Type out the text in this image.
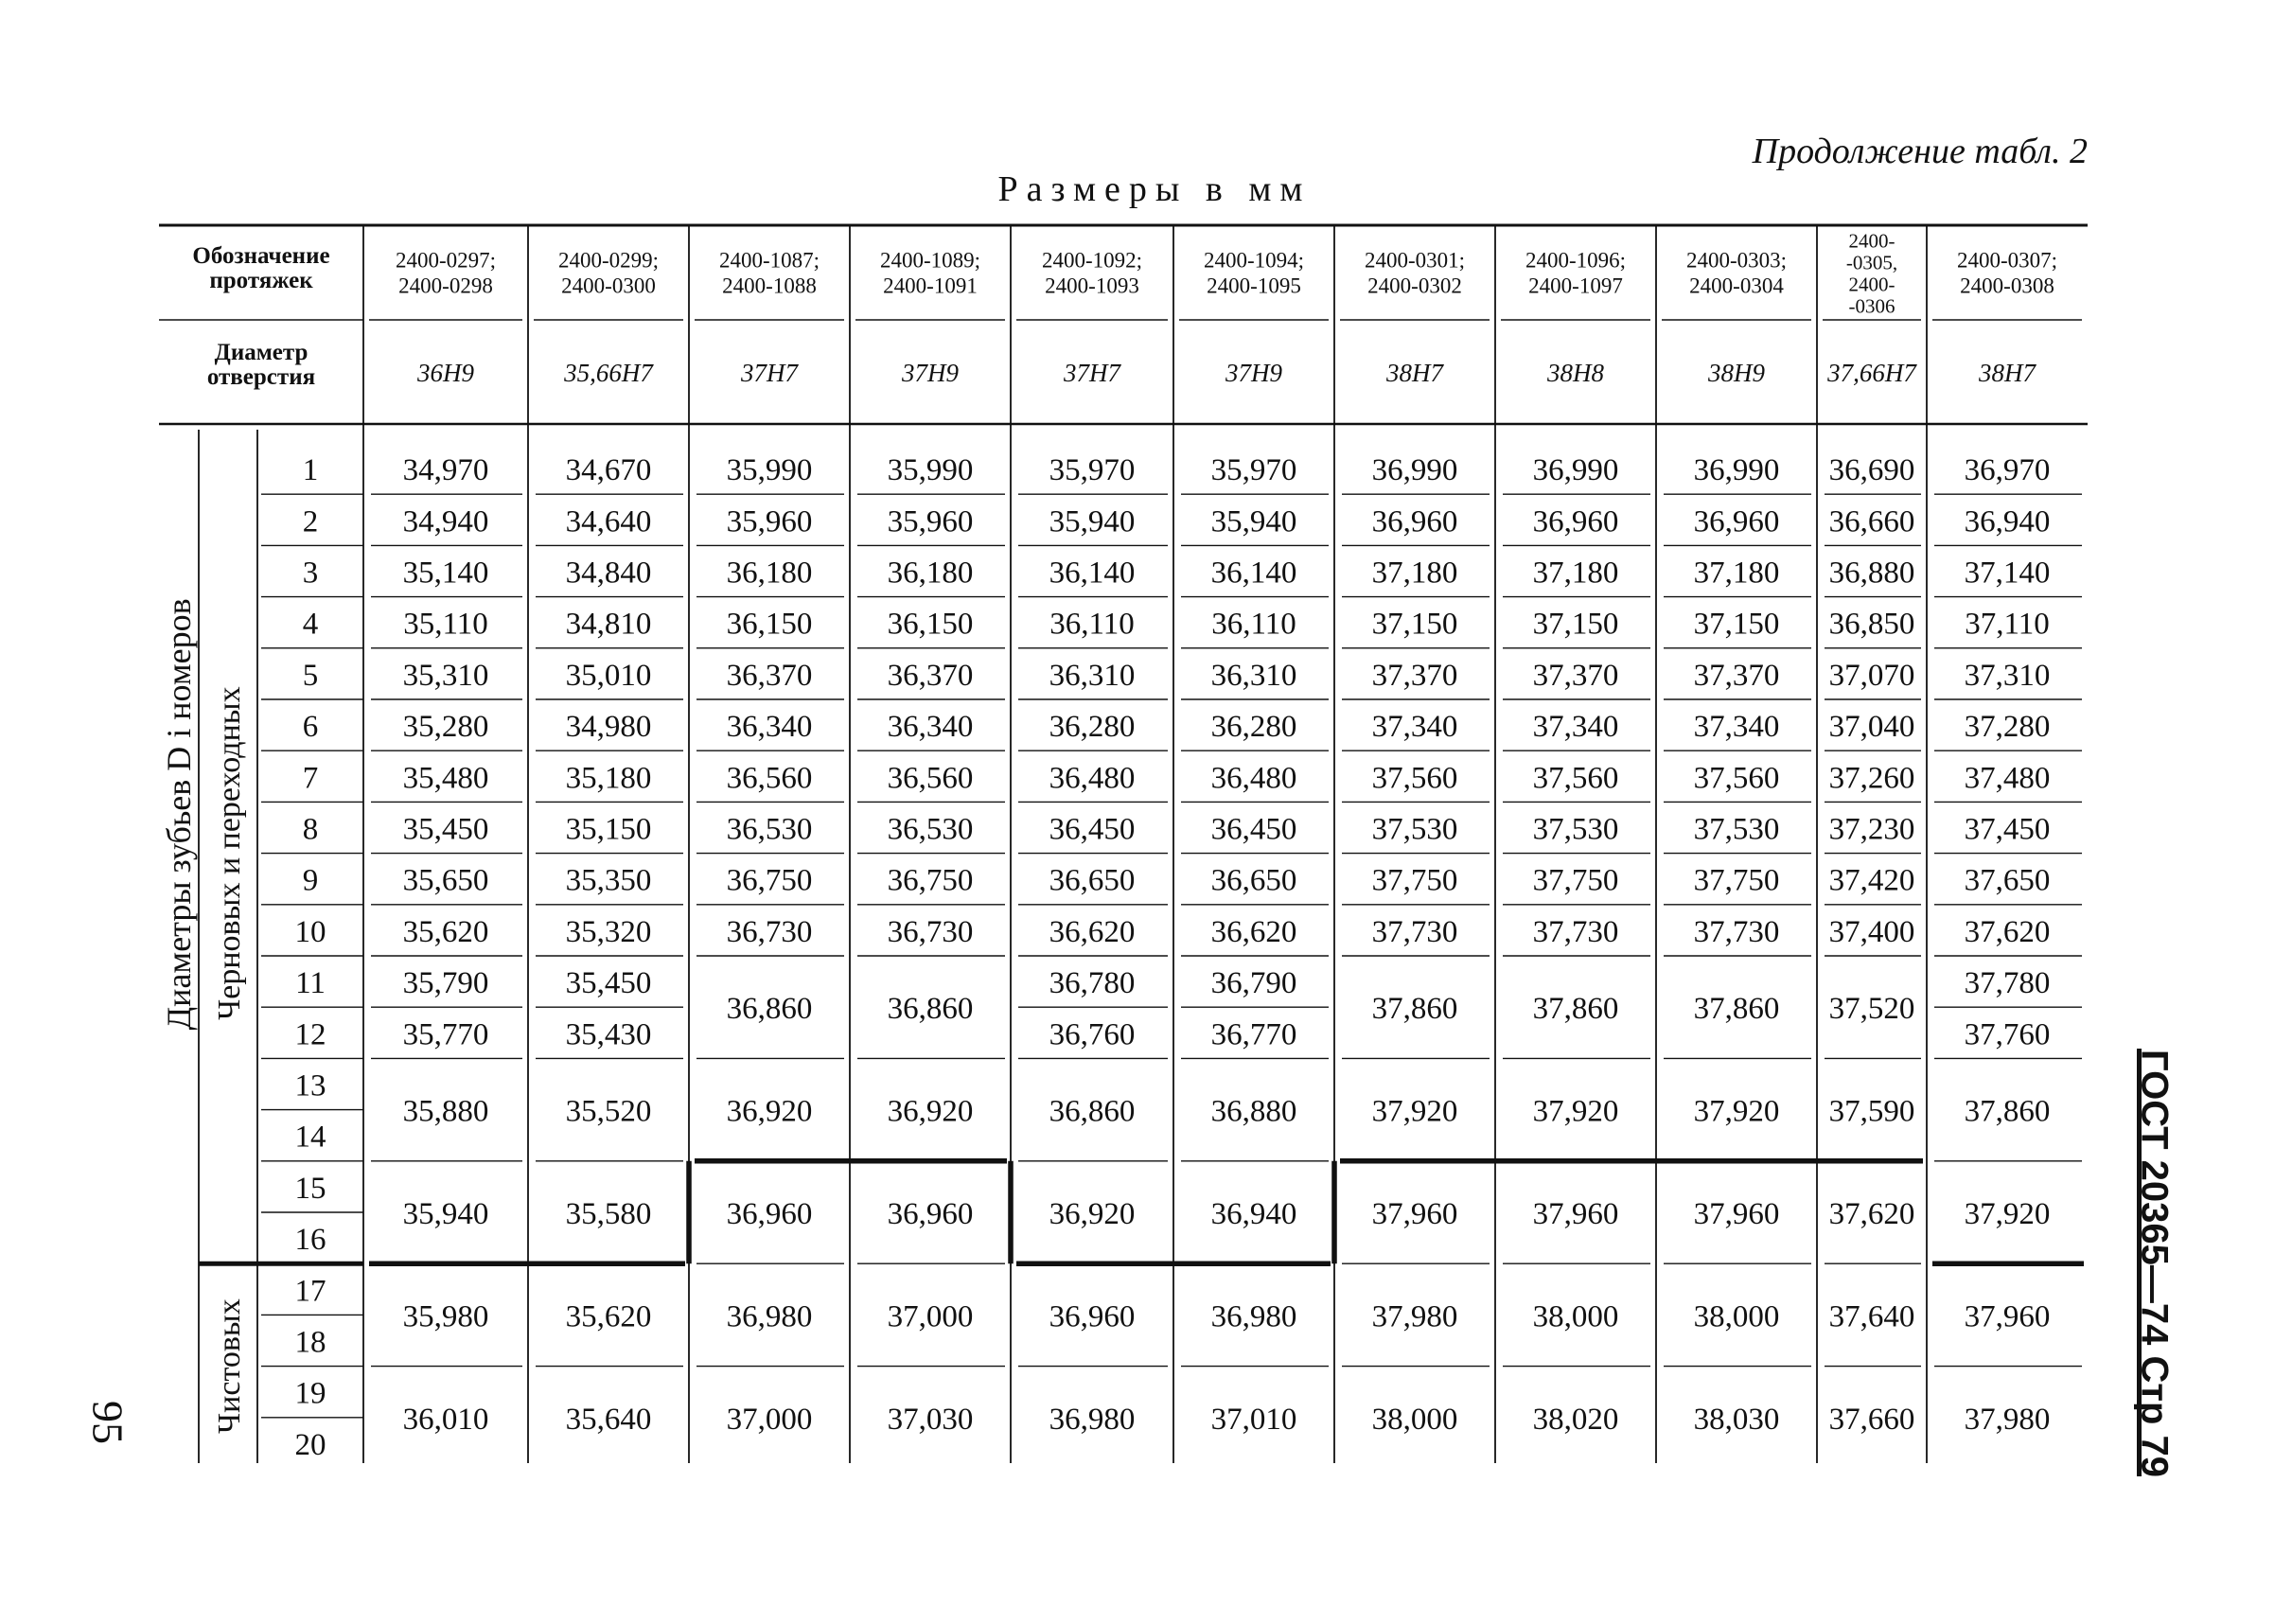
Продолжение табл. 2
Размеры в мм
Обозначение
протяжек
Диаметр
отверстия
2400-0297;
2400-0298
36H9
2400-0299;
2400-0300
35,66H7
2400-1087;
2400-1088
37H7
2400-1089;
2400-1091
37H9
2400-1092;
2400-1093
37H7
2400-1094;
2400-1095
37H9
2400-0301;
2400-0302
38H7
2400-1096;
2400-1097
38H8
2400-0303;
2400-0304
38H9
2400-
-0305,
2400-
-0306
37,66H7
2400-0307;
2400-0308
38H7
Диаметры зубьев D i номеров Черновых и переходных
Чистовых
1
2
3
4
5
6
7
8
9
10
11
12
13
14
15
16
17
18
19
20
34,970
34,940
35,140
35,110
35,310
35,280
35,480
35,450
35,650
35,620
35,790
35,770
35,880
35,940
35,980
36,010
34,670
34,640
34,840
34,810
35,010
34,980
35,180
35,150
35,350
35,320
35,450
35,430
35,520
35,580
35,620
35,640
35,990
35,960
36,180
36,150
36,370
36,340
36,560
36,530
36,750
36,730
36,860
36,920
36,960
36,980
37,000
35,990
35,960
36,180
36,150
36,370
36,340
36,560
36,530
36,750
36,730
36,860
36,920
36,960
37,000
37,030
35,970
35,940
36,140
36,110
36,310
36,280
36,480
36,450
36,650
36,620
36,780
36,760
36,860
36,920
36,960
36,980
35,970
35,940
36,140
36,110
36,310
36,280
36,480
36,450
36,650
36,620
36,790
36,770
36,880
36,940
36,980
37,010
36,990
36,960
37,180
37,150
37,370
37,340
37,560
37,530
37,750
37,730
37,860
37,920
37,960
37,980
38,000
36,990
36,960
37,180
37,150
37,370
37,340
37,560
37,530
37,750
37,730
37,860
37,920
37,960
38,000
38,020
36,990
36,960
37,180
37,150
37,370
37,340
37,560
37,530
37,750
37,730
37,860
37,920
37,960
38,000
38,030
36,690
36,660
36,880
36,850
37,070
37,040
37,260
37,230
37,420
37,400
37,520
37,590
37,620
37,640
37,660
36,970
36,940
37,140
37,110
37,310
37,280
37,480
37,450
37,650
37,620
37,780
37,760
37,860
37,920
37,960
37,980
95	ГОСТ 20365—74 Стр 79
